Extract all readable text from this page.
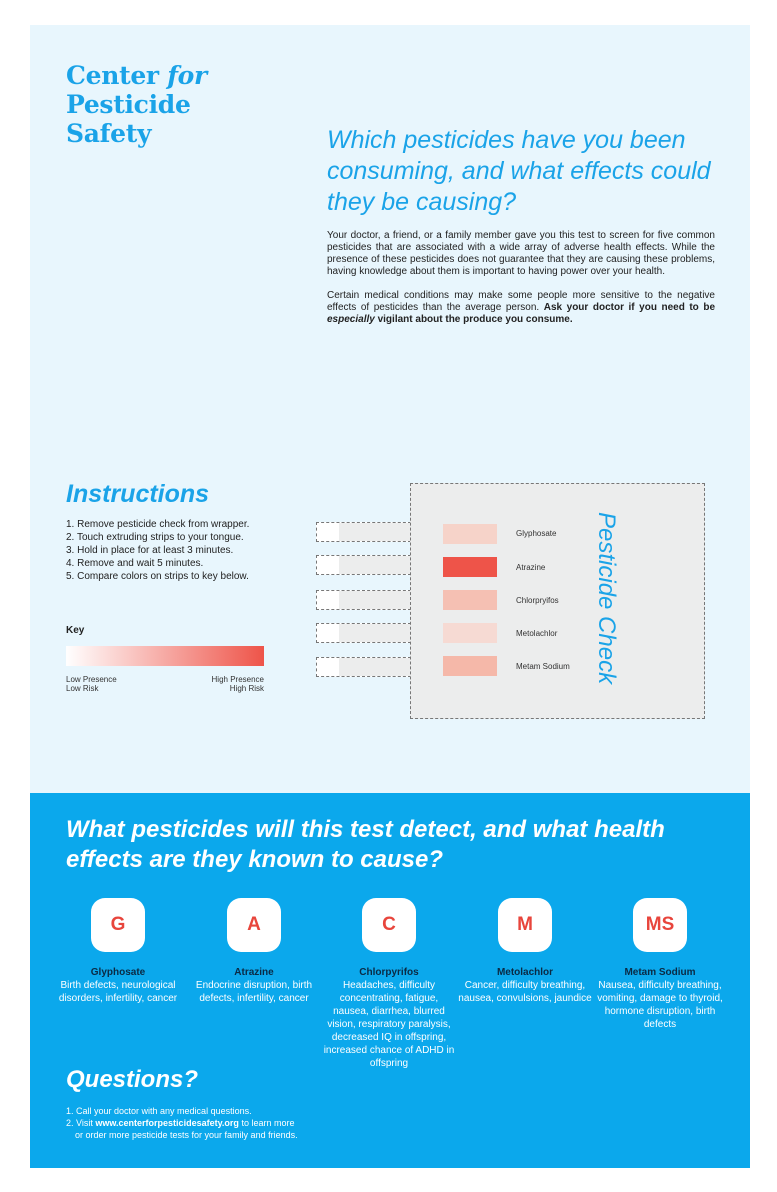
Center for
Pesticide
Safety	Which pesticides have you been consuming, and what effects could they be causing?

Your doctor, a friend, or a family member gave you this test to screen for five common pesticides that are associated with a wide array of adverse health effects. While the presence of these pesticides does not guarantee that they are causing these problems, having knowledge about them is important to having power over your health.

Certain medical conditions may make some people more sensitive to the negative effects of pesticides than the average person. Ask your doctor if you need to be especially vigilant about the produce you consume.

Instructions
1. Remove pesticide check from wrapper.
2. Touch extruding strips to your tongue.
3. Hold in place for at least 3 minutes.
4. Remove and wait 5 minutes.
5. Compare colors on strips to key below.
Key
Low Presence
Low Risk
High Presence
High Risk
Glyphosate
Atrazine
Chlorpryifos
Metolachlor
Metam Sodium Pesticide Check
What pesticides will this test detect, and what health effects are they known to cause?
G	A	C	M	MS
Glyphosate	Atrazine	Chlorpyrifos	Metolachlor	Metam Sodium
Birth defects, neurological disorders, infertility, cancer
Endocrine disruption, birth defects, infertility, cancer
Headaches, difficulty concentrating, fatigue, nausea, diarrhea, blurred vision, respiratory paralysis, decreased IQ in offspring, increased chance of ADHD in offspring
Cancer, difficulty breathing, nausea, convulsions, jaundice
Nausea, difficulty breathing, vomiting, damage to thyroid, hormone disruption, birth defects
Questions?
1. Call your doctor with any medical questions.
2. Visit www.centerforpesticidesafety.org to learn more
or order more pesticide tests for your family and friends.
